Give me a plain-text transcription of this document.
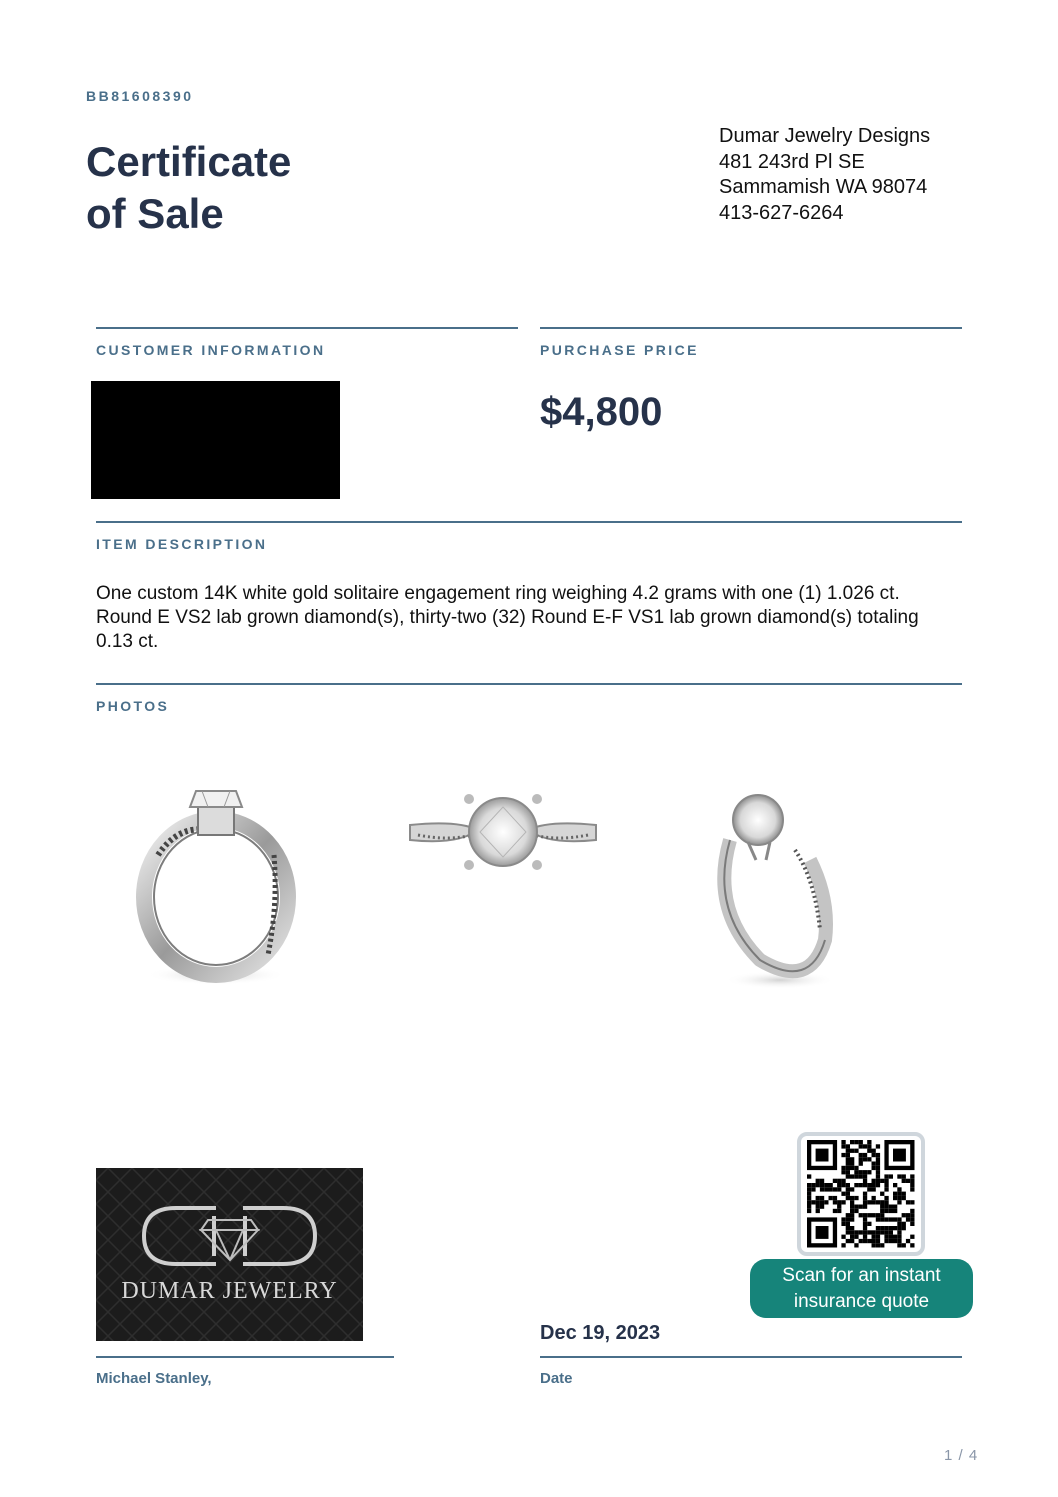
BB81608390
Certificate
of Sale
Dumar Jewelry Designs
481 243rd Pl SE
Sammamish WA 98074
413-627-6264
CUSTOMER INFORMATION	PURCHASE PRICE
$4,800
ITEM DESCRIPTION
One custom 14K white gold solitaire engagement ring weighing 4.2 grams with one (1) 1.026 ct. Round E VS2 lab grown diamond(s), thirty-two (32) Round E-F VS1 lab grown diamond(s) totaling 0.13 ct.
PHOTOS
DUMAR JEWELRY
Scan for an instant insurance quote
Dec 19, 2023
Michael Stanley,	Date
1 / 4
